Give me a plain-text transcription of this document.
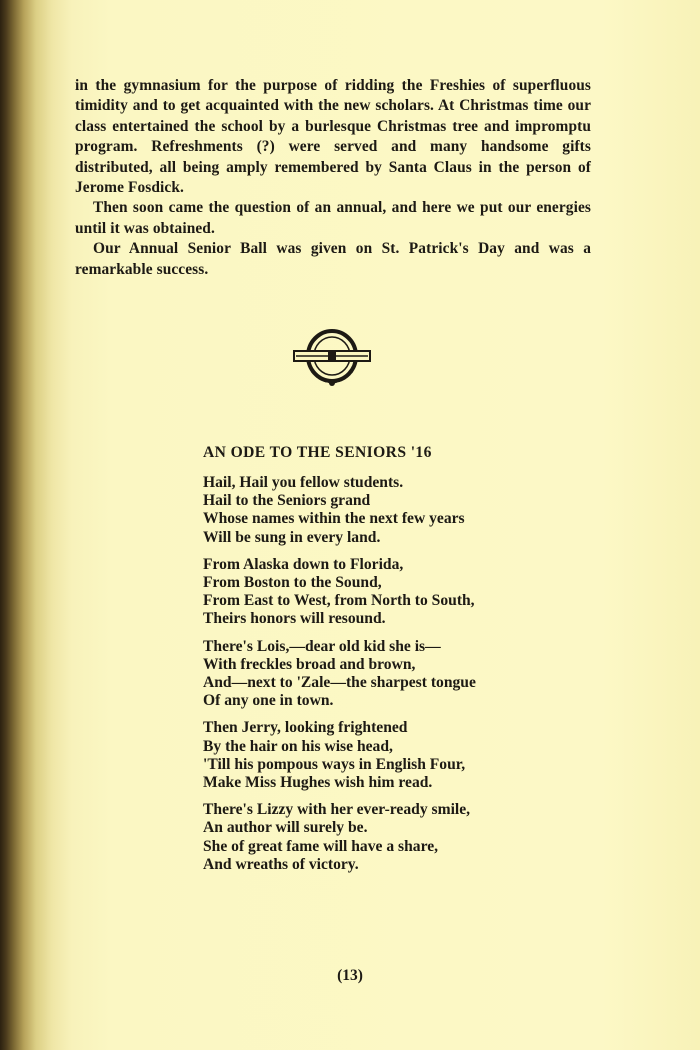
in the gymnasium for the purpose of ridding the Freshies of superfluous timidity and to get acquainted with the new scholars. At Christmas time our class entertained the school by a burlesque Christmas tree and impromptu program. Refreshments (?) were served and many handsome gifts distributed, all being amply remembered by Santa Claus in the person of Jerome Fosdick.

Then soon came the question of an annual, and here we put our energies until it was obtained.

Our Annual Senior Ball was given on St. Patrick's Day and was a remarkable success.

AN ODE TO THE SENIORS '16
Hail, Hail you fellow students.
Hail to the Seniors grand
Whose names within the next few years
Will be sung in every land.
From Alaska down to Florida,
From Boston to the Sound,
From East to West, from North to South,
Theirs honors will resound.
There's Lois,—dear old kid she is—
With freckles broad and brown,
And—next to 'Zale—the sharpest tongue
Of any one in town.
Then Jerry, looking frightened
By the hair on his wise head,
'Till his pompous ways in English Four,
Make Miss Hughes wish him read.
There's Lizzy with her ever-ready smile,
An author will surely be.
She of great fame will have a share,
And wreaths of victory.
(13)
